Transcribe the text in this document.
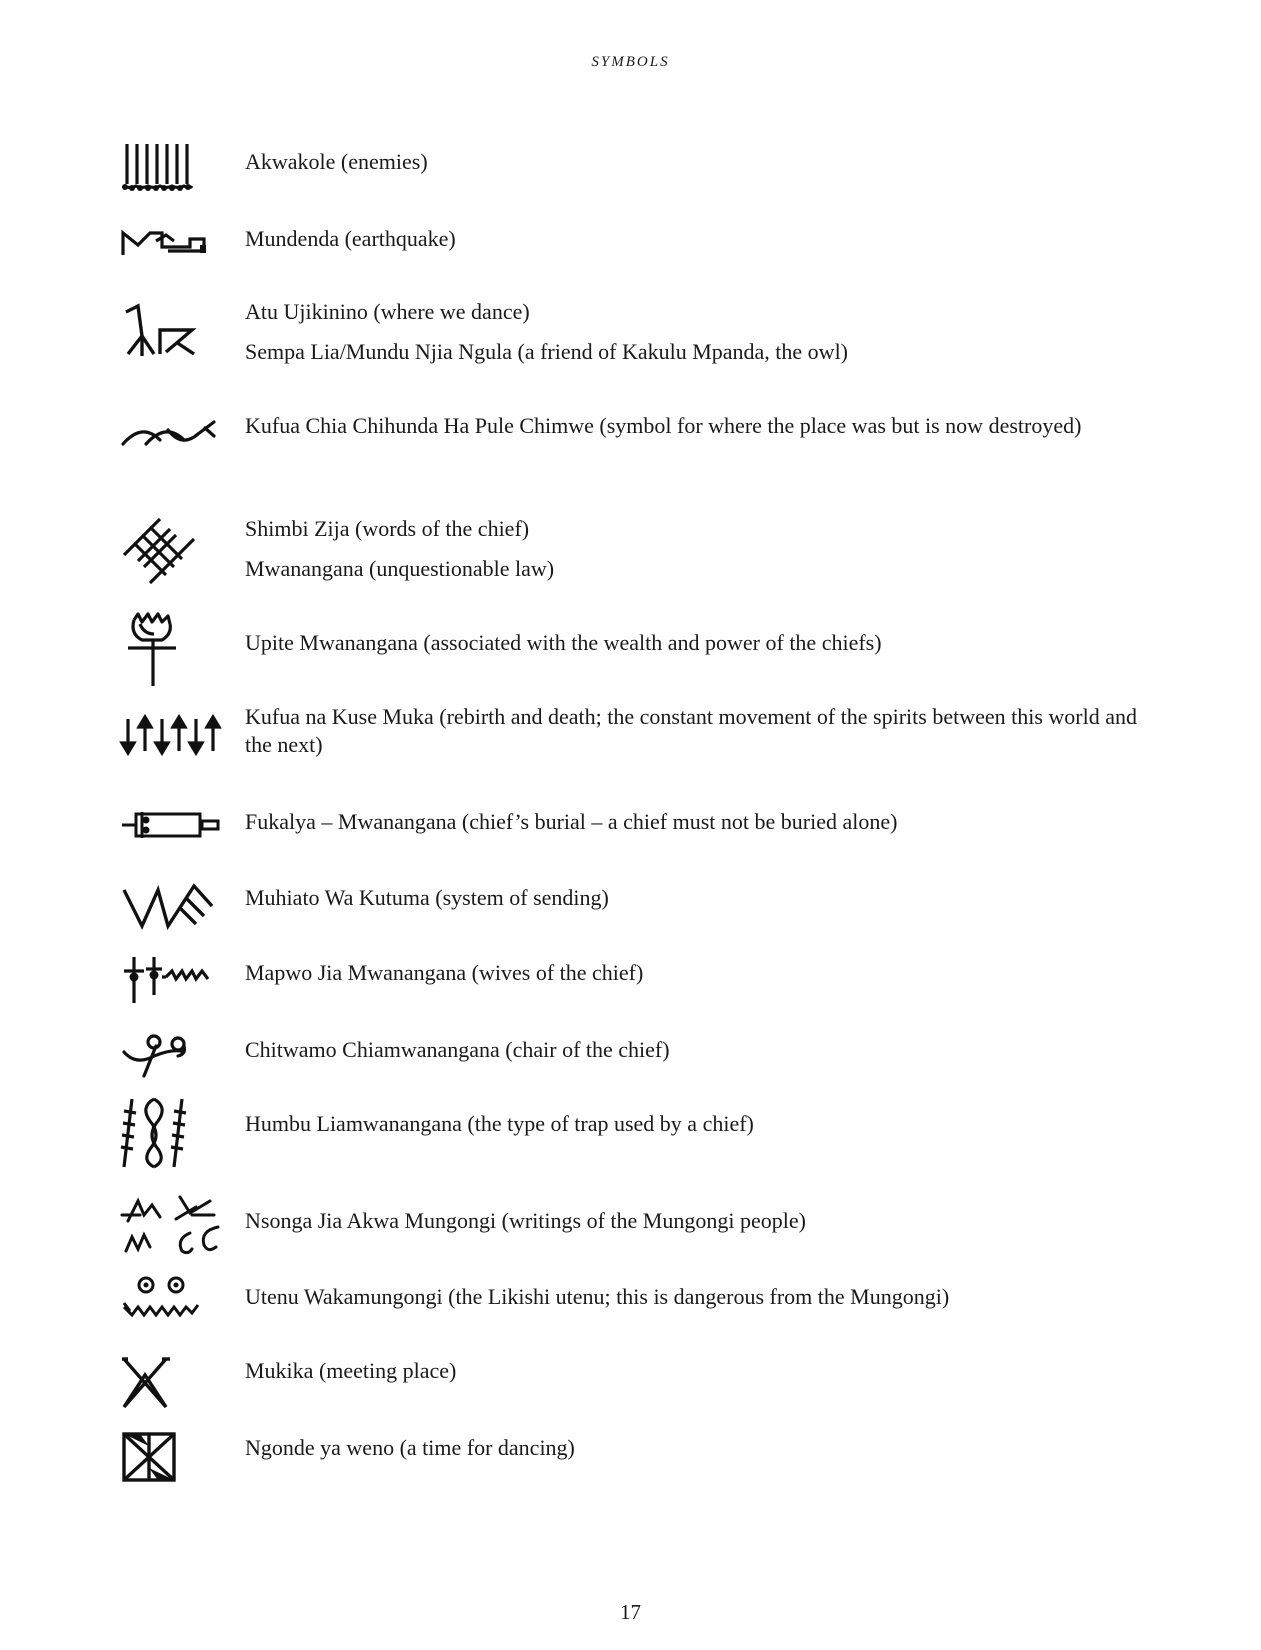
SYMBOLS

Akwakole (enemies)

Mundenda (earthquake)

Atu Ujikinino (where we dance)

Sempa Lia/Mundu Njia Ngula (a friend of Kakulu Mpanda, the owl)

Kufua Chia Chihunda Ha Pule Chimwe (symbol for where the place was but is now destroyed)

Shimbi Zija (words of the chief)

Mwanangana (unquestionable law)

Upite Mwanangana (associated with the wealth and power of the chiefs)

Kufua na Kuse Muka (rebirth and death; the constant movement of the spirits between this world and the next)

Fukalya – Mwanangana (chief’s burial – a chief must not be buried alone)

Muhiato Wa Kutuma (system of sending)

Mapwo Jia Mwanangana (wives of the chief)

Chitwamo Chiamwanangana (chair of the chief)

Humbu Liamwanangana (the type of trap used by a chief)

Nsonga Jia Akwa Mungongi (writings of the Mungongi people)

Utenu Wakamungongi (the Likishi utenu; this is dangerous from the Mungongi)

Mukika (meeting place)

Ngonde ya weno (a time for dancing)

17
